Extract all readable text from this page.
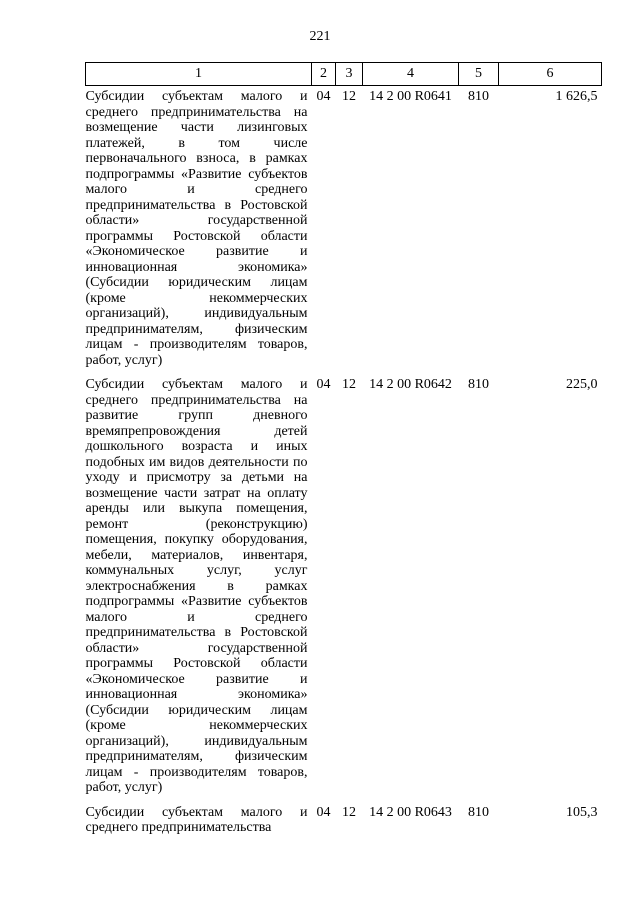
221
1	2	3	4	5	6
Субсидии субъектам малого и среднего предпринимательства на возмещение части лизинговых платежей, в том числе первоначального взноса, в рамках подпрограммы «Развитие субъектов малого и среднего предпринимательства в Ростовской области» государственной программы Ростовской области «Экономическое развитие и инновационная экономика» (Субсидии юридическим лицам (кроме некоммерческих организаций), индивидуальным предпринимателям, физическим лицам - производителям товаров, работ, услуг)	04	12	14 2 00 R0641	810	1 626,5
Субсидии субъектам малого и среднего предпринимательства на развитие групп дневного времяпрепровождения детей дошкольного возраста и иных подобных им видов деятельности по уходу и присмотру за детьми на возмещение части затрат на оплату аренды или выкупа помещения, ремонт (реконструкцию) помещения, покупку оборудования, мебели, материалов, инвентаря, коммунальных услуг, услуг электроснабжения в рамках подпрограммы «Развитие субъектов малого и среднего предпринимательства в Ростовской области» государственной программы Ростовской области «Экономическое развитие и инновационная экономика» (Субсидии юридическим лицам (кроме некоммерческих организаций), индивидуальным предпринимателям, физическим лицам - производителям товаров, работ, услуг)	04	12	14 2 00 R0642	810	225,0
Субсидии субъектам малого и среднего предпринимательства	04	12	14 2 00 R0643	810	105,3
